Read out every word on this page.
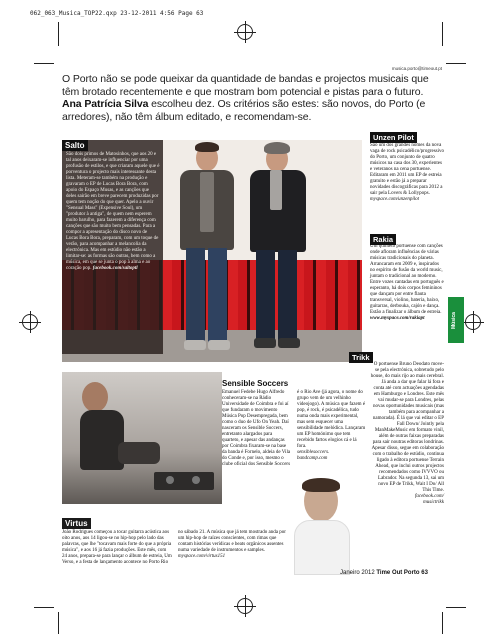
062_063_Musica_TOP22.qxp 23-12-2011 4:56 Page 63
musica.porto@timeout.pt
O Porto não se pode queixar da quantidade de bandas e projectos musicais que têm brotado recentemente e que mostram bom potencial e pistas para o futuro. Ana Patrícia Silva escolheu dez. Os critérios são estes: são novos, do Porto (e arredores), não têm álbum editado, e recomendam-se.
Salto
São dois primos de Matosinhos, que aos 20 e tal anos deixaram-se influenciar por uma profusão de estilos, e que criaram aquele que é porventura o projecto mais interessante desta lista. Meteram-se também na produção e gravaram o EP de Lucas Bora Bora, com apoio do Espaço Musas, e as canções que deles sairão em breve parecem produzidas por quem tem noção do que quer. Apelo a ouvir "Sensual Mass" (Expensive Soul), um "produtor à antiga", de quem nem esperem muito barulho, para fazerem a diferença com canções que são muito bem pensadas. Para a compor a apresentação do disco novo de Lucas Bora Bora, preparam, com um toque de verão, para acompanhar a melancolia da electrónica. Mas em estúdio não estão a limitar-se: as formas são outras, bem como a música, em que se junta o pop à alma e ao coração pop. facebook.com/saltoptl
Unzen Pilot
São um dos grandes nomes da nova vaga de rock psicadélico/progressivo do Porto, um conjunto de quatro músicos na casa dos 30, experientes e veteranos na cena portuense. Editaram em 2011 um EP de estreia gratuito e estão já a preparar novidades discográficas para 2012 a sair pela Lovers & Lollypops. myspace.com/unzenpilot
Rakia
Um quinteto portuense com canções onde afloram influências de várias músicas tradicionais do planeta. Arrancaram em 2009 e, inspirados no espírito de fusão da world music, juntam o tradicional ao moderno. Entre vozes cantadas em português e esperanto, há dois corpos femininos que dançam por entre flauta transversal, violino, bateria, baixo, guitarras, derbouka, cajón e dança. Estão a finalizar o álbum de estreia. www.myspace.com/rakiapt	Música
Trikk
O portuense Bruno Deodato move-se pela electrónica, sobretudo pelo house, do mais rijo ao mais cerebral. Já anda a dar que falar lá fora e conta até com actuações agendadas em Hamburgo e Londres. Este mês vai mudar-se para Londres, pelas novas oportunidades musicais (mas também para acompanhar a namorada). É lá que vai editar o EP Fall Down/ Jointly pela ManMakeMusic em formato vinil, além de outras faixas preparadas para sair noutras editoras londrinas. Apesar disso, segue em colaboração com o trabalho de estúdio, continua ligado à editora portuense Terrain Ahead, que inclui outros projectos recomendados como IVVVO ou Labrador. Na segunda 13, sai um novo EP de Trikk, Wait I Do/ All This Time.
facebook.com/
musictrikk
Virtus
Sensible Soccers
João Rodrigues começou a tocar guitarra acústica aos oito anos, aos 14 ligou-se no hip-hop pelo lado das palavras, que lhe "tocavam mais forte do que a própria música", e aos 16 já fazia produções. Este mês, com 24 anos, prepara-se para lançar o álbum de estreia, Um Verso, e a festa de lançamento acontece no Porto Rio no sábado 21. A música que já tem mostrado anda por um hip-hop de raízes conscientes, com rimas que contam histórias verídicas e beats orgânicos assentes numa variedade de instrumentos e samples. myspace.com/virtus151
Emanuel Fedebe Hugo Alfredo conheceram-se na Rádio Universidade de Coimbra e foi aí que fundaram o movimento Música Pop Desempregada, bem como o duo de Ufo On Yeah. Daí nasceram os Sensible Soccers, entretanto alargados para quarteto, e apesar das andanças por Coimbra fixaram-se na base da banda é Fornelo, aldeia de Vila do Conde e, por isso, mesmo o clube oficial dos Sensible Soccers é o Rio Ave (já agora, o nome do grupo vem de um velhinho videojogo). A música que fazem é pop, é rock, é psicadélica, tudo numa onda mais experimental, mas sem esquecer uma sensibilidade melódica. Lançaram um EP homónimo que tem recebido fartos elogios cá e lá fora.
sensiblesoccers.
bandcamp.com
Janeiro 2012 Time Out Porto 63
